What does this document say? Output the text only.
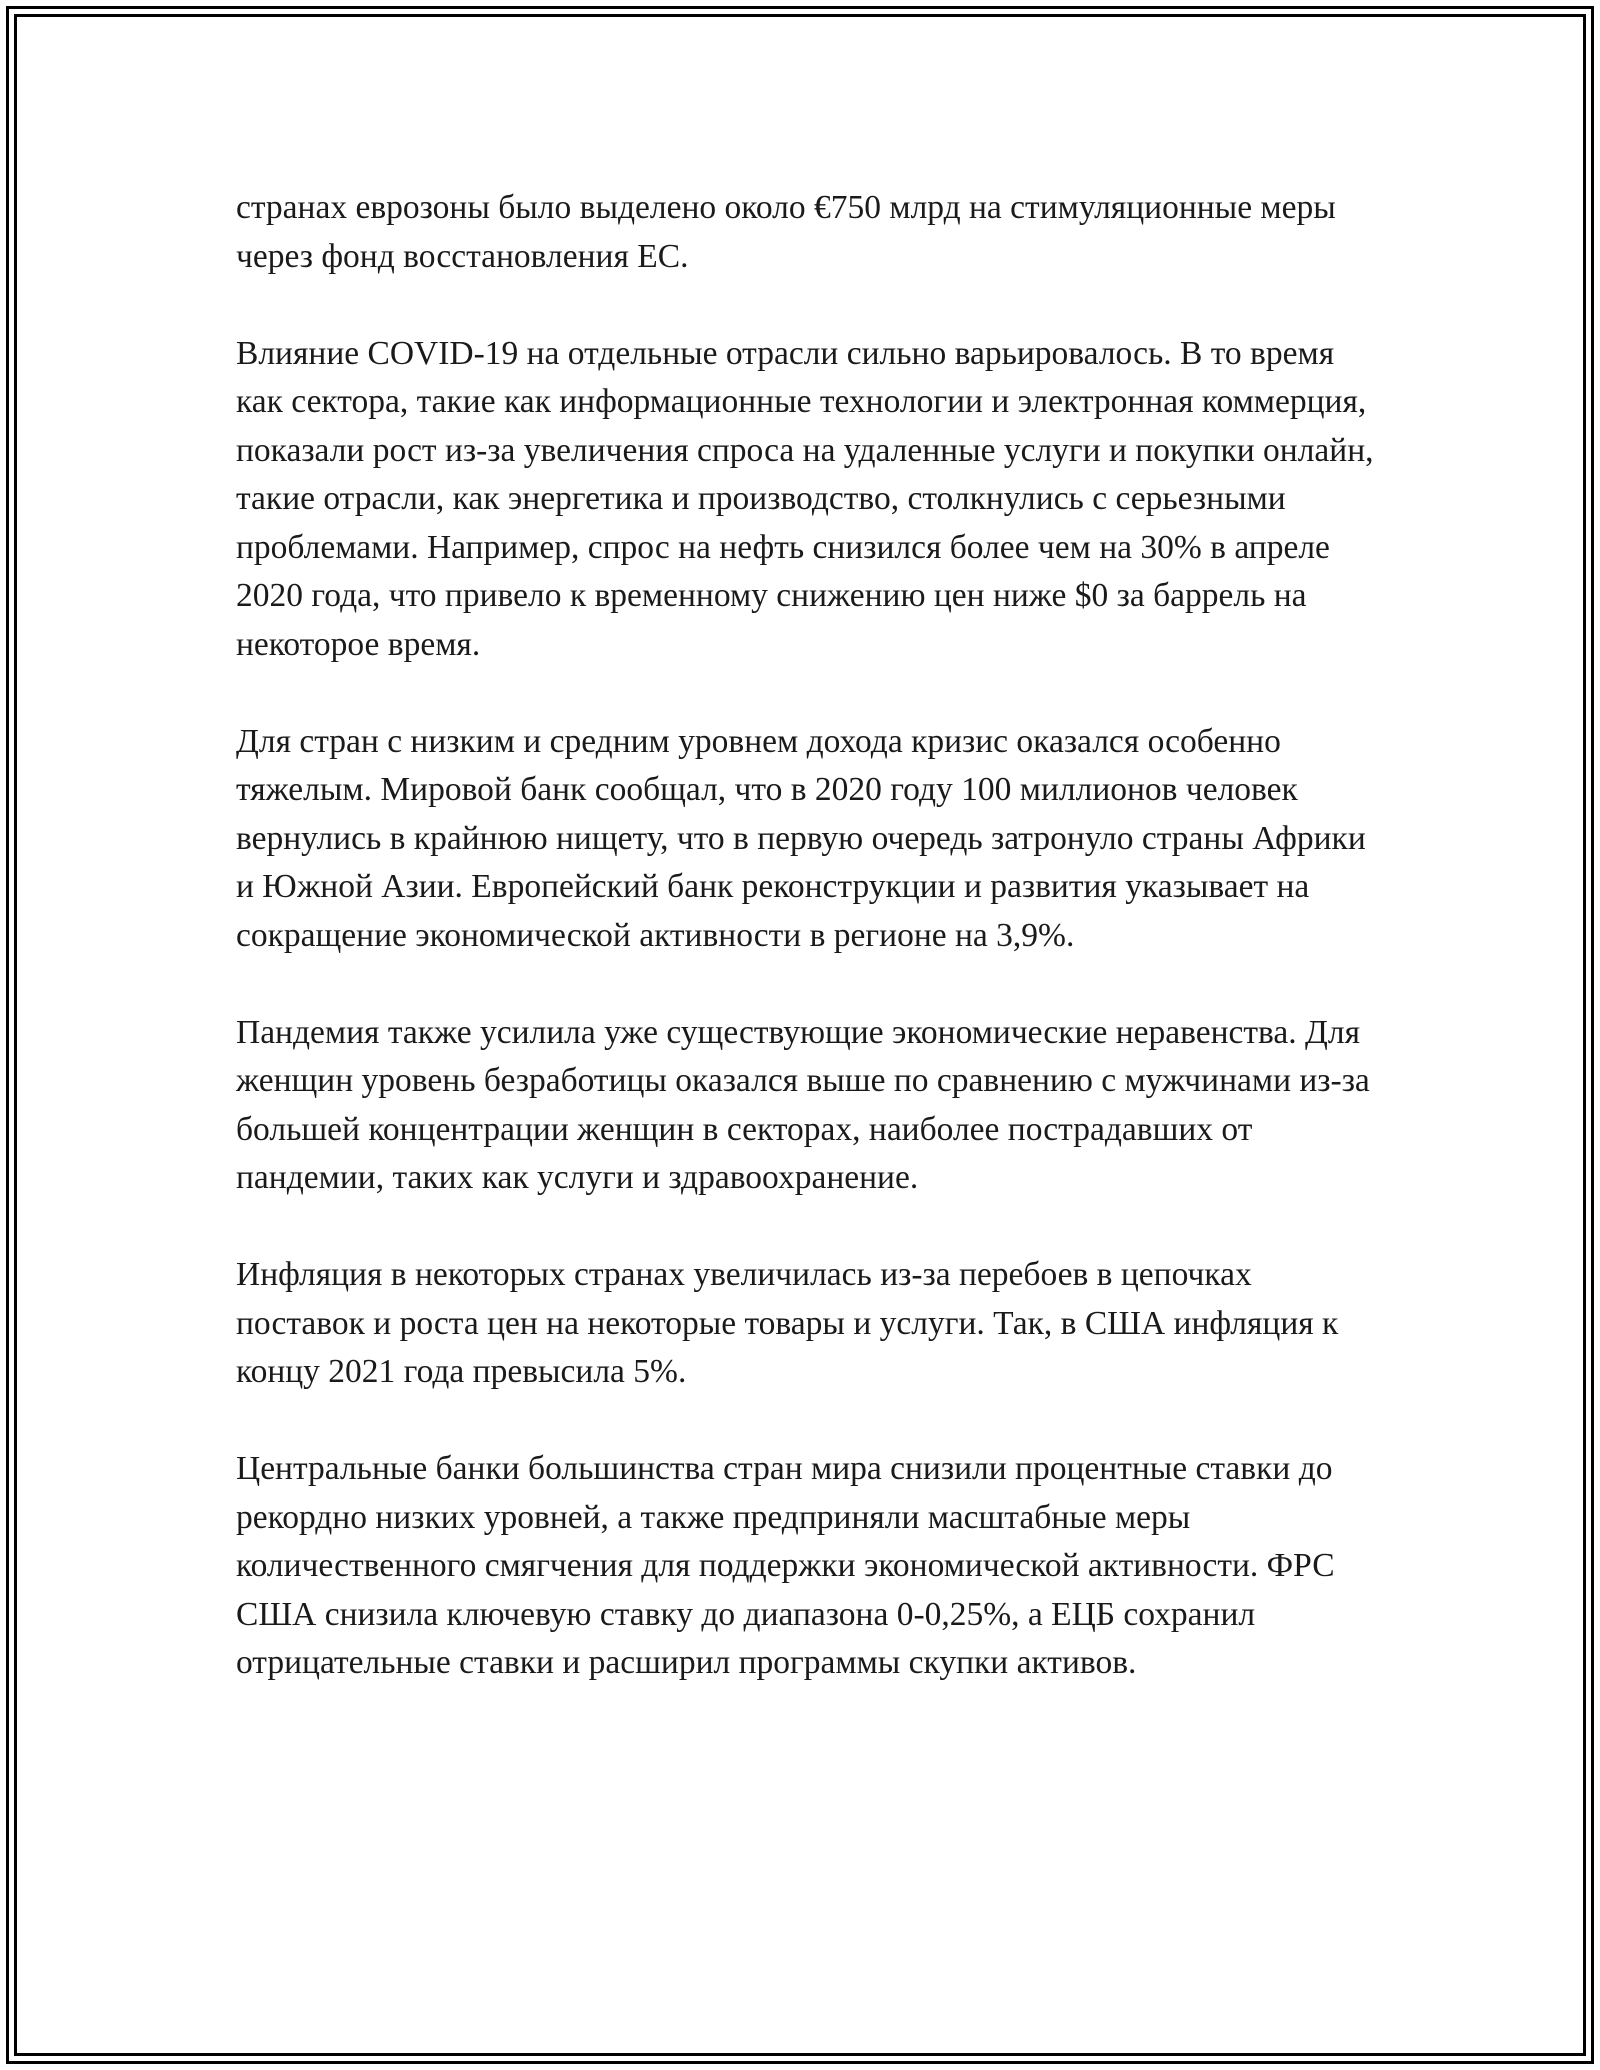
странах еврозоны было выделено около €750 млрд на стимуляционные меры через фонд восстановления ЕС.

Влияние COVID-19 на отдельные отрасли сильно варьировалось. В то время как сектора, такие как информационные технологии и электронная коммерция, показали рост из-за увеличения спроса на удаленные услуги и покупки онлайн, такие отрасли, как энергетика и производство, столкнулись с серьезными проблемами. Например, спрос на нефть снизился более чем на 30% в апреле 2020 года, что привело к временному снижению цен ниже $0 за баррель на некоторое время.

Для стран с низким и средним уровнем дохода кризис оказался особенно тяжелым. Мировой банк сообщал, что в 2020 году 100 миллионов человек вернулись в крайнюю нищету, что в первую очередь затронуло страны Африки и Южной Азии. Европейский банк реконструкции и развития указывает на сокращение экономической активности в регионе на 3,9%.

Пандемия также усилила уже существующие экономические неравенства. Для женщин уровень безработицы оказался выше по сравнению с мужчинами из-за большей концентрации женщин в секторах, наиболее пострадавших от пандемии, таких как услуги и здравоохранение.

Инфляция в некоторых странах увеличилась из-за перебоев в цепочках поставок и роста цен на некоторые товары и услуги. Так, в США инфляция к концу 2021 года превысила 5%.

Центральные банки большинства стран мира снизили процентные ставки до рекордно низких уровней, а также предприняли масштабные меры количественного смягчения для поддержки экономической активности. ФРС США снизила ключевую ставку до диапазона 0-0,25%, а ЕЦБ сохранил отрицательные ставки и расширил программы скупки активов.
